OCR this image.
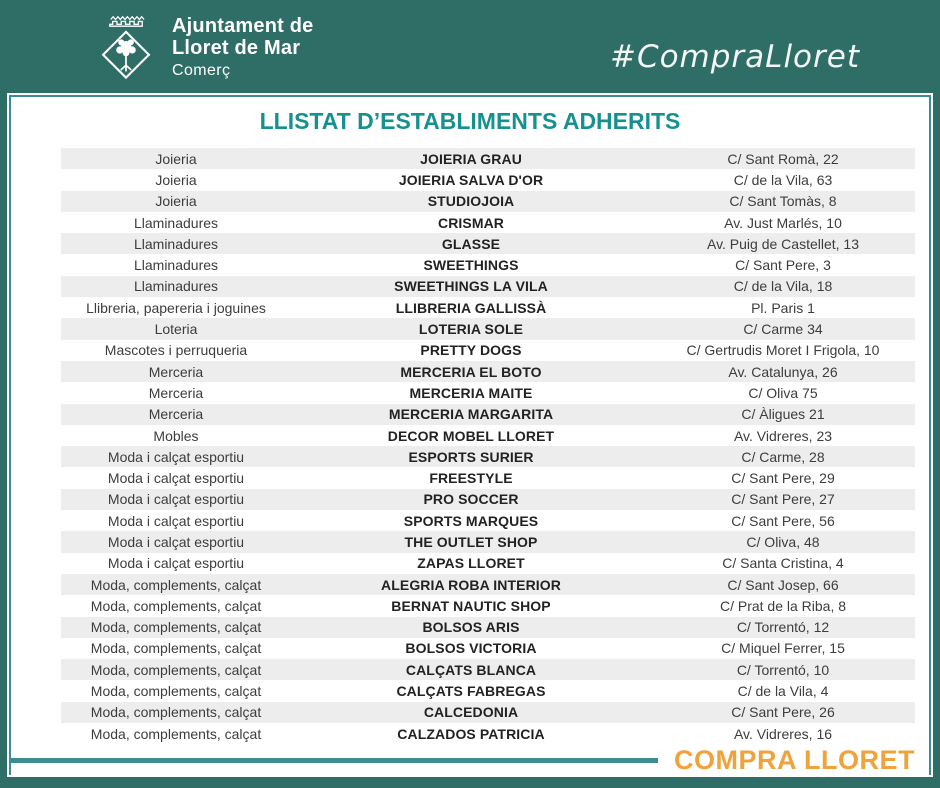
Ajuntament de
Lloret de Mar
Comerç	#CompraLloret
LLISTAT D’ESTABLIMENTS ADHERITS
Joieria	JOIERIA GRAU	C/ Sant Romà, 22
Joieria	JOIERIA SALVA D'OR	C/ de la Vila, 63
Joieria	STUDIOJOIA	C/ Sant Tomàs, 8
Llaminadures	CRISMAR	Av. Just Marlés, 10
Llaminadures	GLASSE	Av. Puig de Castellet, 13
Llaminadures	SWEETHINGS	C/ Sant Pere, 3
Llaminadures	SWEETHINGS LA VILA	C/ de la Vila, 18
Llibreria, papereria i joguines	LLIBRERIA GALLISSÀ	Pl. Paris 1
Loteria	LOTERIA SOLE	C/ Carme 34
Mascotes i perruqueria	PRETTY DOGS	C/ Gertrudis Moret I Frigola, 10
Merceria	MERCERIA EL BOTO	Av. Catalunya, 26
Merceria	MERCERIA MAITE	C/ Oliva 75
Merceria	MERCERIA MARGARITA	C/ Àligues 21
Mobles	DECOR MOBEL LLORET	Av. Vidreres, 23
Moda i calçat esportiu	ESPORTS SURIER	C/ Carme, 28
Moda i calçat esportiu	FREESTYLE	C/ Sant Pere, 29
Moda i calçat esportiu	PRO SOCCER	C/ Sant Pere, 27
Moda i calçat esportiu	SPORTS MARQUES	C/ Sant Pere, 56
Moda i calçat esportiu	THE OUTLET SHOP	C/ Oliva, 48
Moda i calçat esportiu	ZAPAS LLORET	C/ Santa Cristina, 4
Moda, complements, calçat	ALEGRIA ROBA INTERIOR	C/ Sant Josep, 66
Moda, complements, calçat	BERNAT NAUTIC SHOP	C/ Prat de la Riba, 8
Moda, complements, calçat	BOLSOS ARIS	C/ Torrentó, 12
Moda, complements, calçat	BOLSOS VICTORIA	C/ Miquel Ferrer, 15
Moda, complements, calçat	CALÇATS BLANCA	C/ Torrentó, 10
Moda, complements, calçat	CALÇATS FABREGAS	C/ de la Vila, 4
Moda, complements, calçat	CALCEDONIA	C/ Sant Pere, 26
Moda, complements, calçat	CALZADOS PATRICIA	Av. Vidreres, 16
COMPRA LLORET
